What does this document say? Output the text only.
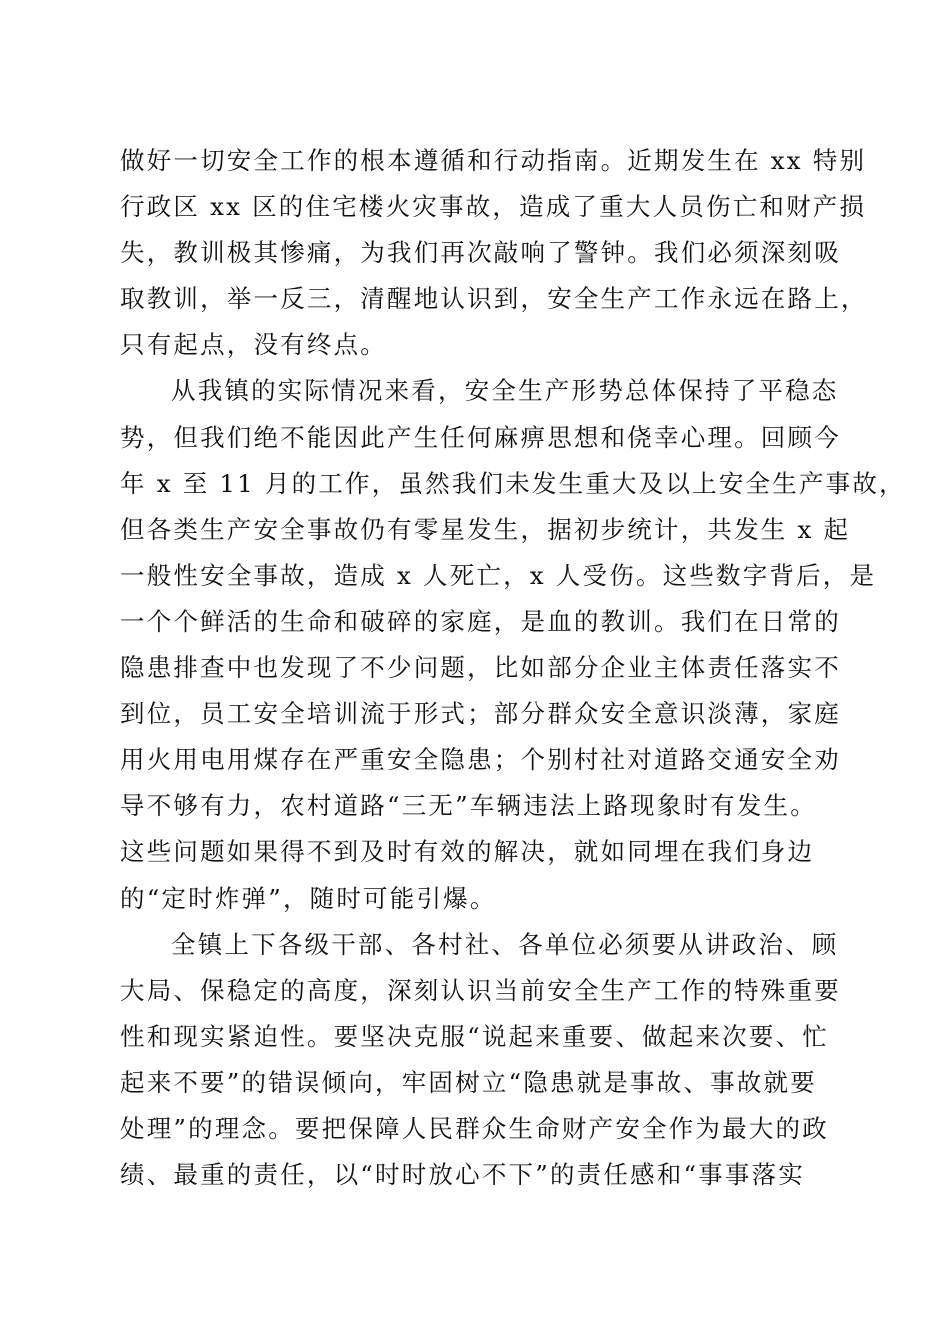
做好一切安全工作的根本遵循和行动指南。近期发生在 xx 特别
行政区 xx 区的住宅楼火灾事故，造成了重大人员伤亡和财产损
失，教训极其惨痛，为我们再次敲响了警钟。我们必须深刻吸
取教训，举一反三，清醒地认识到，安全生产工作永远在路上，
只有起点，没有终点。
从我镇的实际情况来看，安全生产形势总体保持了平稳态
势，但我们绝不能因此产生任何麻痹思想和侥幸心理。回顾今
年 x 至 11 月的工作，虽然我们未发生重大及以上安全生产事故，
但各类生产安全事故仍有零星发生，据初步统计，共发生 x 起
一般性安全事故，造成 x 人死亡，x 人受伤。这些数字背后，是
一个个鲜活的生命和破碎的家庭，是血的教训。我们在日常的
隐患排查中也发现了不少问题，比如部分企业主体责任落实不
到位，员工安全培训流于形式；部分群众安全意识淡薄，家庭
用火用电用煤存在严重安全隐患；个别村社对道路交通安全劝
导不够有力，农村道路“三无”车辆违法上路现象时有发生。
这些问题如果得不到及时有效的解决，就如同埋在我们身边
的“定时炸弹”，随时可能引爆。
全镇上下各级干部、各村社、各单位必须要从讲政治、顾
大局、保稳定的高度，深刻认识当前安全生产工作的特殊重要
性和现实紧迫性。要坚决克服“说起来重要、做起来次要、忙
起来不要”的错误倾向，牢固树立“隐患就是事故、事故就要
处理”的理念。要把保障人民群众生命财产安全作为最大的政
绩、最重的责任，以“时时放心不下”的责任感和“事事落实
